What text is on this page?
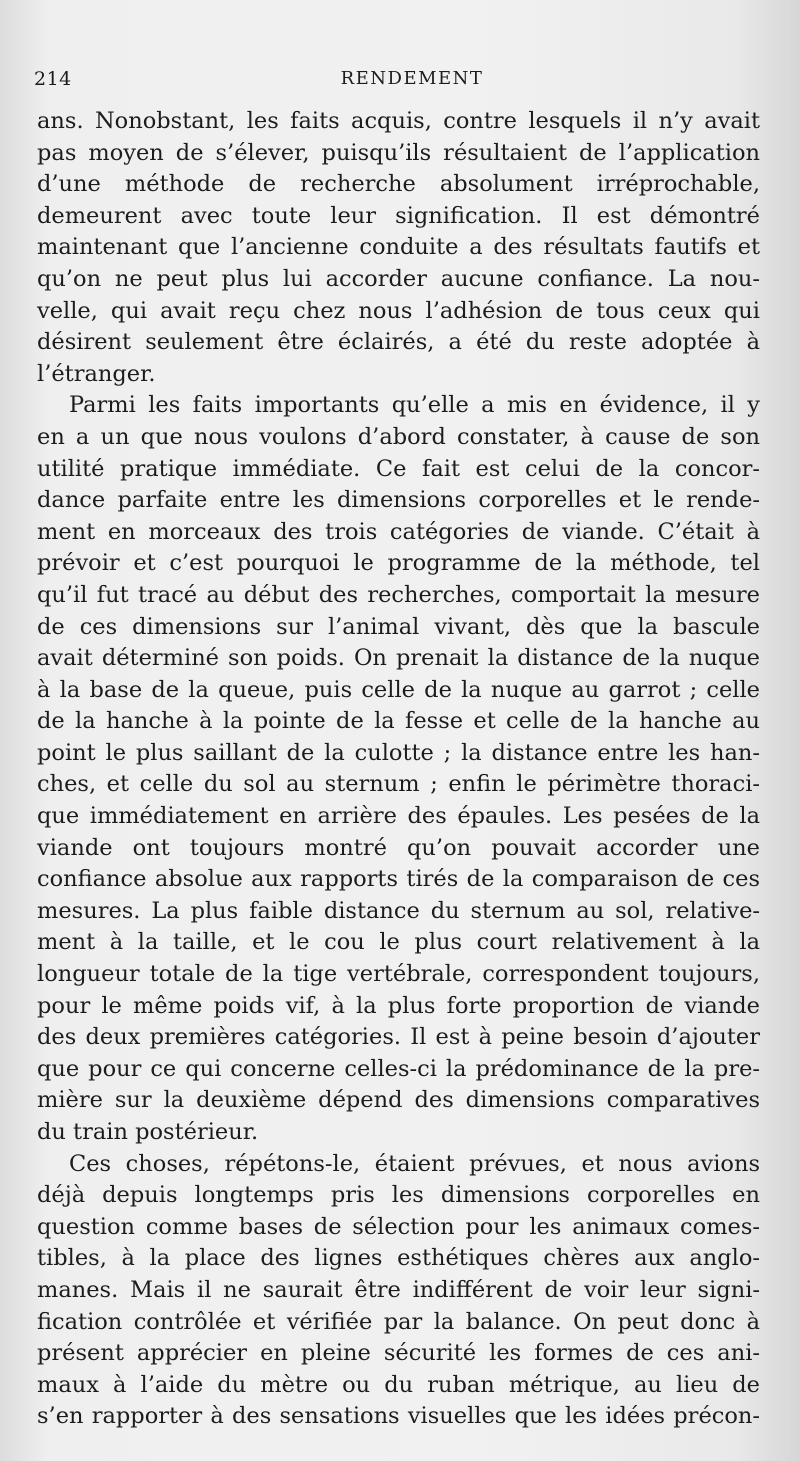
214	RENDEMENT
ans. Nonobstant, les faits acquis, contre lesquels il n’y avait
pas moyen de s’élever, puisqu’ils résultaient de l’application
d’une méthode de recherche absolument irréprochable,
demeurent avec toute leur signification. Il est démontré
maintenant que l’ancienne conduite a des résultats fautifs et
qu’on ne peut plus lui accorder aucune confiance. La nou-
velle, qui avait reçu chez nous l’adhésion de tous ceux qui
désirent seulement être éclairés, a été du reste adoptée à
l’étranger.
Parmi les faits importants qu’elle a mis en évidence, il y
en a un que nous voulons d’abord constater, à cause de son
utilité pratique immédiate. Ce fait est celui de la concor-
dance parfaite entre les dimensions corporelles et le rende-
ment en morceaux des trois catégories de viande. C’était à
prévoir et c’est pourquoi le programme de la méthode, tel
qu’il fut tracé au début des recherches, comportait la mesure
de ces dimensions sur l’animal vivant, dès que la bascule
avait déterminé son poids. On prenait la distance de la nuque
à la base de la queue, puis celle de la nuque au garrot ; celle
de la hanche à la pointe de la fesse et celle de la hanche au
point le plus saillant de la culotte ; la distance entre les han-
ches, et celle du sol au sternum ; enfin le périmètre thoraci-
que immédiatement en arrière des épaules. Les pesées de la
viande ont toujours montré qu’on pouvait accorder une
confiance absolue aux rapports tirés de la comparaison de ces
mesures. La plus faible distance du sternum au sol, relative-
ment à la taille, et le cou le plus court relativement à la
longueur totale de la tige vertébrale, correspondent toujours,
pour le même poids vif, à la plus forte proportion de viande
des deux premières catégories. Il est à peine besoin d’ajouter
que pour ce qui concerne celles-ci la prédominance de la pre-
mière sur la deuxième dépend des dimensions comparatives
du train postérieur.
Ces choses, répétons-le, étaient prévues, et nous avions
déjà depuis longtemps pris les dimensions corporelles en
question comme bases de sélection pour les animaux comes-
tibles, à la place des lignes esthétiques chères aux anglo-
manes. Mais il ne saurait être indifférent de voir leur signi-
fication contrôlée et vérifiée par la balance. On peut donc à
présent apprécier en pleine sécurité les formes de ces ani-
maux à l’aide du mètre ou du ruban métrique, au lieu de
s’en rapporter à des sensations visuelles que les idées précon-
